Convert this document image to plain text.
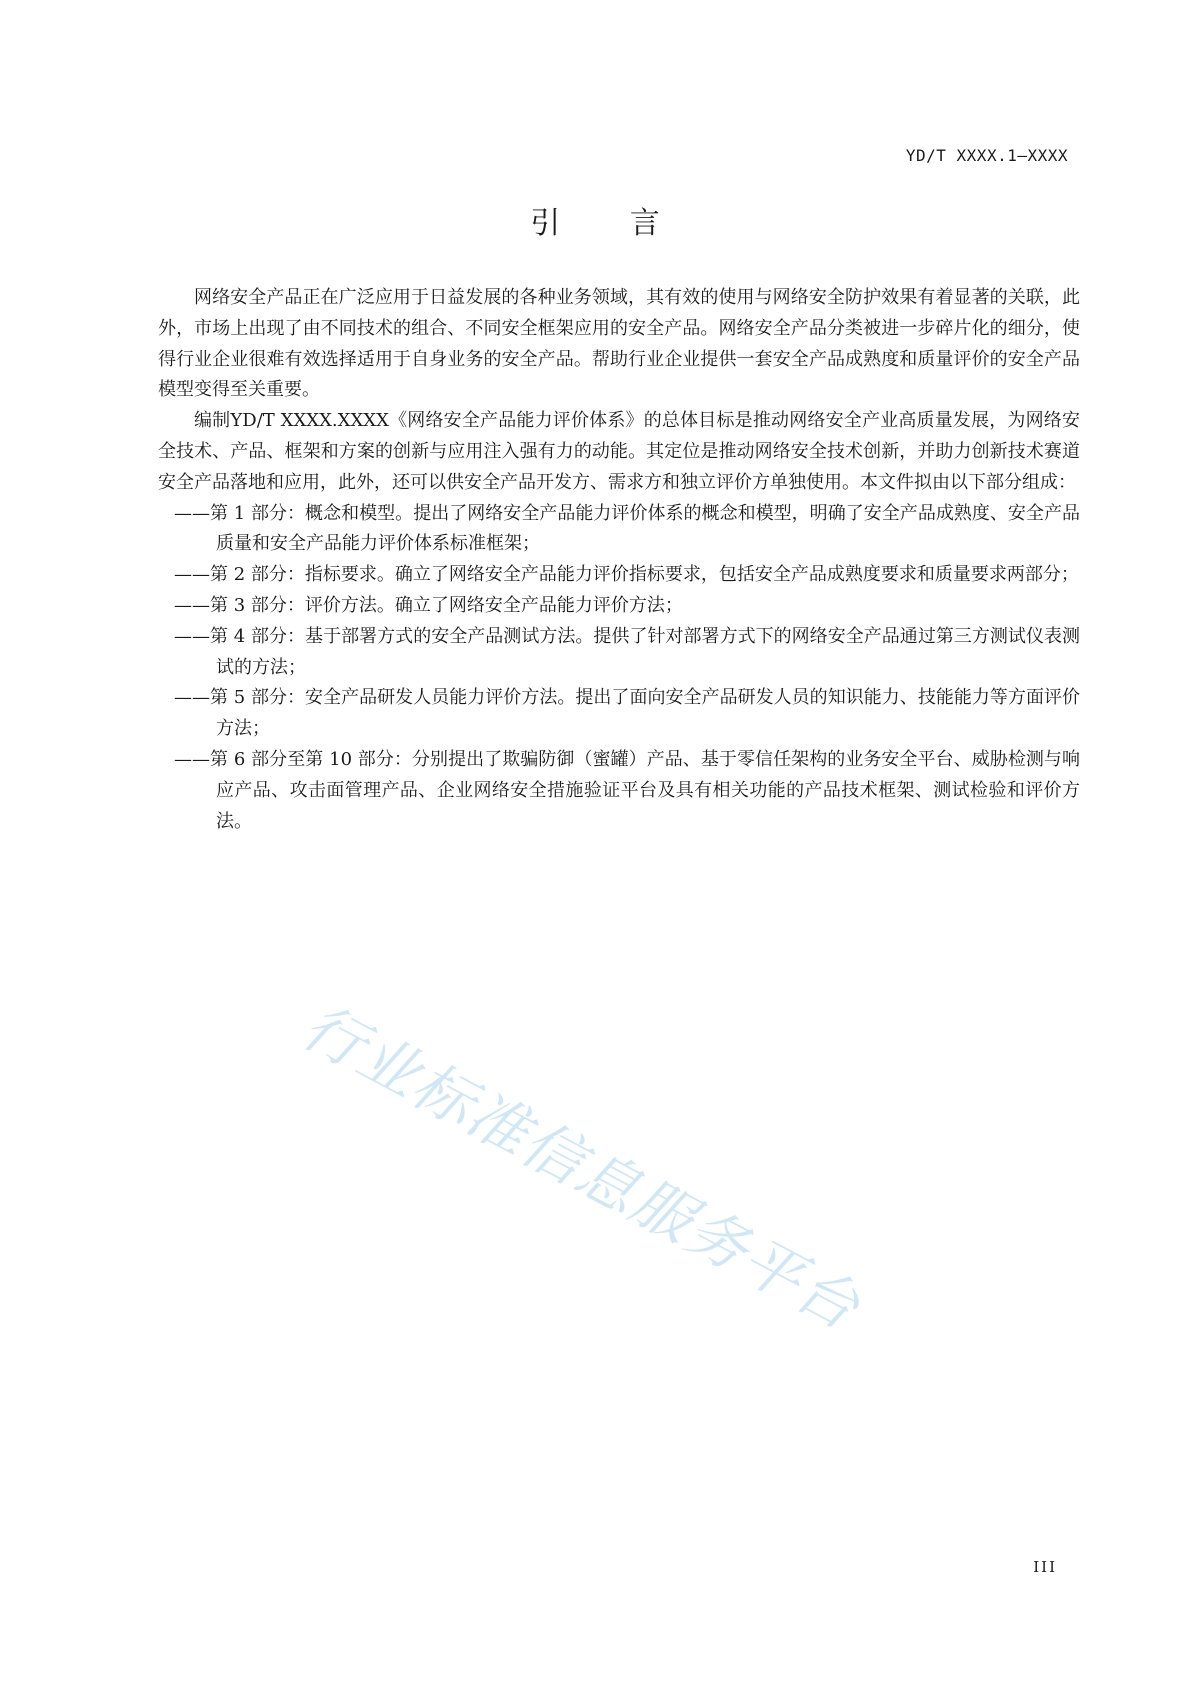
YD/T XXXX.1—XXXX
引 言

网络安全产品正在广泛应用于日益发展的各种业务领域，其有效的使用与网络安全防护效果有着显著的关联，此外，市场上出现了由不同技术的组合、不同安全框架应用的安全产品。网络安全产品分类被进一步碎片化的细分，使得行业企业很难有效选择适用于自身业务的安全产品。帮助行业企业提供一套安全产品成熟度和质量评价的安全产品模型变得至关重要。

编制YD/T XXXX.XXXX《网络安全产品能力评价体系》的总体目标是推动网络安全产业高质量发展，为网络安全技术、产品、框架和方案的创新与应用注入强有力的动能。其定位是推动网络安全技术创新，并助力创新技术赛道安全产品落地和应用，此外，还可以供安全产品开发方、需求方和独立评价方单独使用。本文件拟由以下部分组成：

——第 1 部分：概念和模型。提出了网络安全产品能力评价体系的概念和模型，明确了安全产品成熟度、安全产品质量和安全产品能力评价体系标准框架；

——第 2 部分：指标要求。确立了网络安全产品能力评价指标要求，包括安全产品成熟度要求和质量要求两部分；

——第 3 部分：评价方法。确立了网络安全产品能力评价方法；

——第 4 部分：基于部署方式的安全产品测试方法。提供了针对部署方式下的网络安全产品通过第三方测试仪表测试的方法；

——第 5 部分：安全产品研发人员能力评价方法。提出了面向安全产品研发人员的知识能力、技能能力等方面评价方法；

——第 6 部分至第 10 部分：分别提出了欺骗防御（蜜罐）产品、基于零信任架构的业务安全平台、威胁检测与响应产品、攻击面管理产品、企业网络安全措施验证平台及具有相关功能的产品技术框架、测试检验和评价方法。

行业标准信息服务平台
III
